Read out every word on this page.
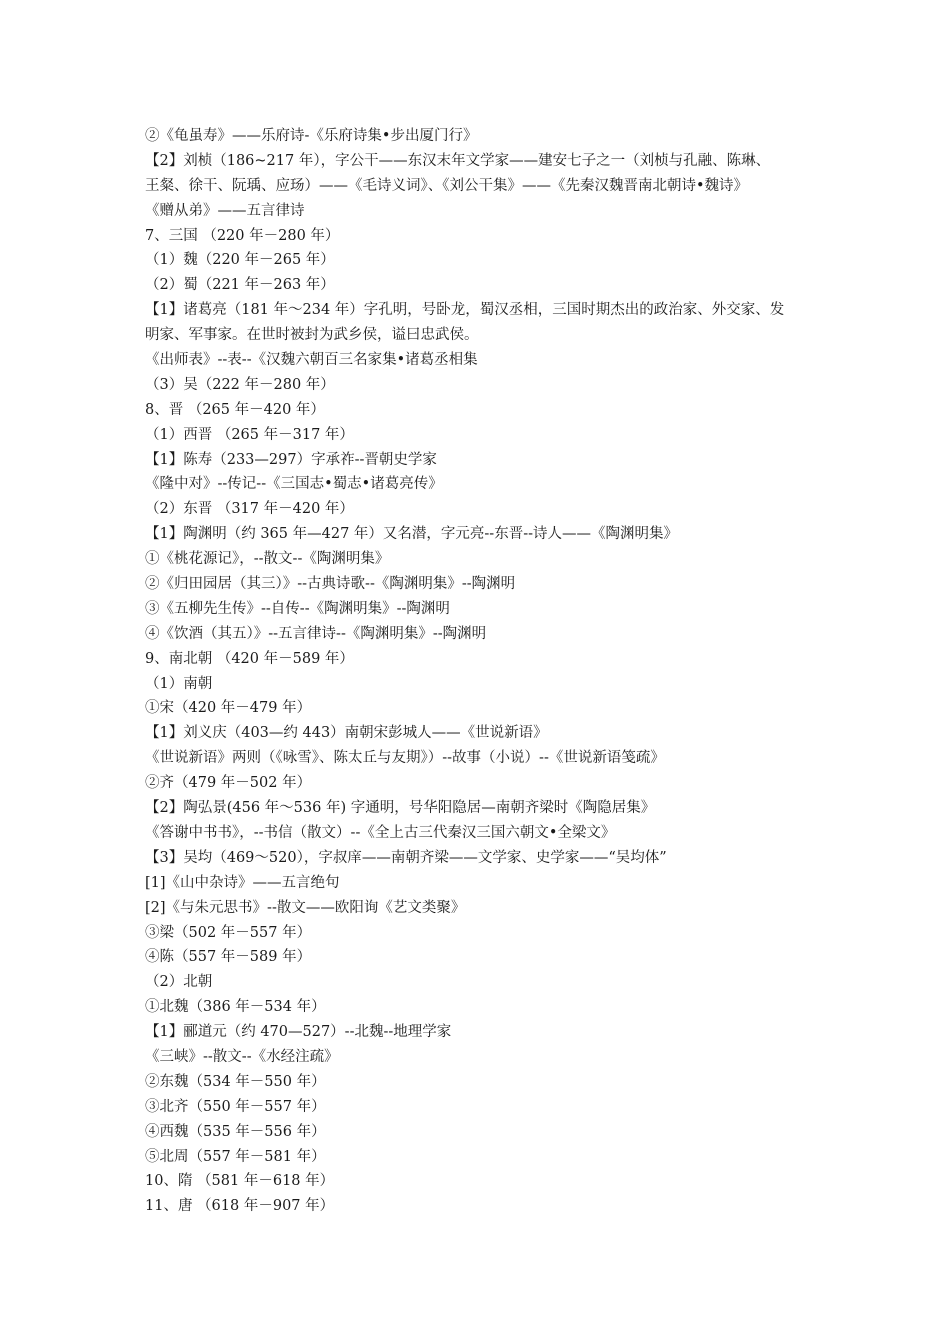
②《龟虽寿》——乐府诗-《乐府诗集•步出厦门行》
【2】刘桢（186~217 年），字公干——东汉末年文学家——建安七子之一（刘桢与孔融、陈琳、
王粲、徐干、阮瑀、应玚）——《毛诗义词》、《刘公干集》——《先秦汉魏晋南北朝诗•魏诗》
《赠从弟》——五言律诗
7、三国 （220 年－280 年）
（1）魏（220 年－265 年）
（2）蜀（221 年－263 年）
【1】诸葛亮（181 年～234 年）字孔明，号卧龙，蜀汉丞相，三国时期杰出的政治家、外交家、发
明家、军事家。在世时被封为武乡侯，谥曰忠武侯。
《出师表》--表--《汉魏六朝百三名家集•诸葛丞相集
（3）吴（222 年－280 年）
8、晋 （265 年－420 年）
（1）西晋 （265 年－317 年）
【1】陈寿（233—297）字承祚--晋朝史学家
《隆中对》--传记--《三国志•蜀志•诸葛亮传》
（2）东晋 （317 年－420 年）
【1】陶渊明（约 365 年—427 年）又名潜，字元亮--东晋--诗人——《陶渊明集》
①《桃花源记》，--散文--《陶渊明集》
②《归田园居（其三）》--古典诗歌--《陶渊明集》--陶渊明
③《五柳先生传》--自传--《陶渊明集》--陶渊明
④《饮酒（其五）》--五言律诗--《陶渊明集》--陶渊明
9、南北朝 （420 年－589 年）
（1）南朝
①宋（420 年－479 年）
【1】刘义庆（403—约 443）南朝宋彭城人——《世说新语》
《世说新语》两则（《咏雪》、陈太丘与友期》）--故事（小说）--《世说新语笺疏》
②齐（479 年－502 年）
【2】陶弘景(456 年～536 年) 字通明，号华阳隐居—南朝齐梁时《陶隐居集》
《答谢中书书》，--书信（散文）--《全上古三代秦汉三国六朝文•全梁文》
【3】吴均（469～520），字叔庠——南朝齐梁——文学家、史学家——“吴均体”
[1]《山中杂诗》——五言绝句
[2]《与朱元思书》--散文——欧阳询《艺文类聚》
③梁（502 年－557 年）
④陈（557 年－589 年）
（2）北朝
①北魏（386 年－534 年）
【1】郦道元（约 470—527）--北魏--地理学家
《三峡》--散文--《水经注疏》
②东魏（534 年－550 年）
③北齐（550 年－557 年）
④西魏（535 年－556 年）
⑤北周（557 年－581 年）
10、隋 （581 年－618 年）
11、唐 （618 年－907 年）
